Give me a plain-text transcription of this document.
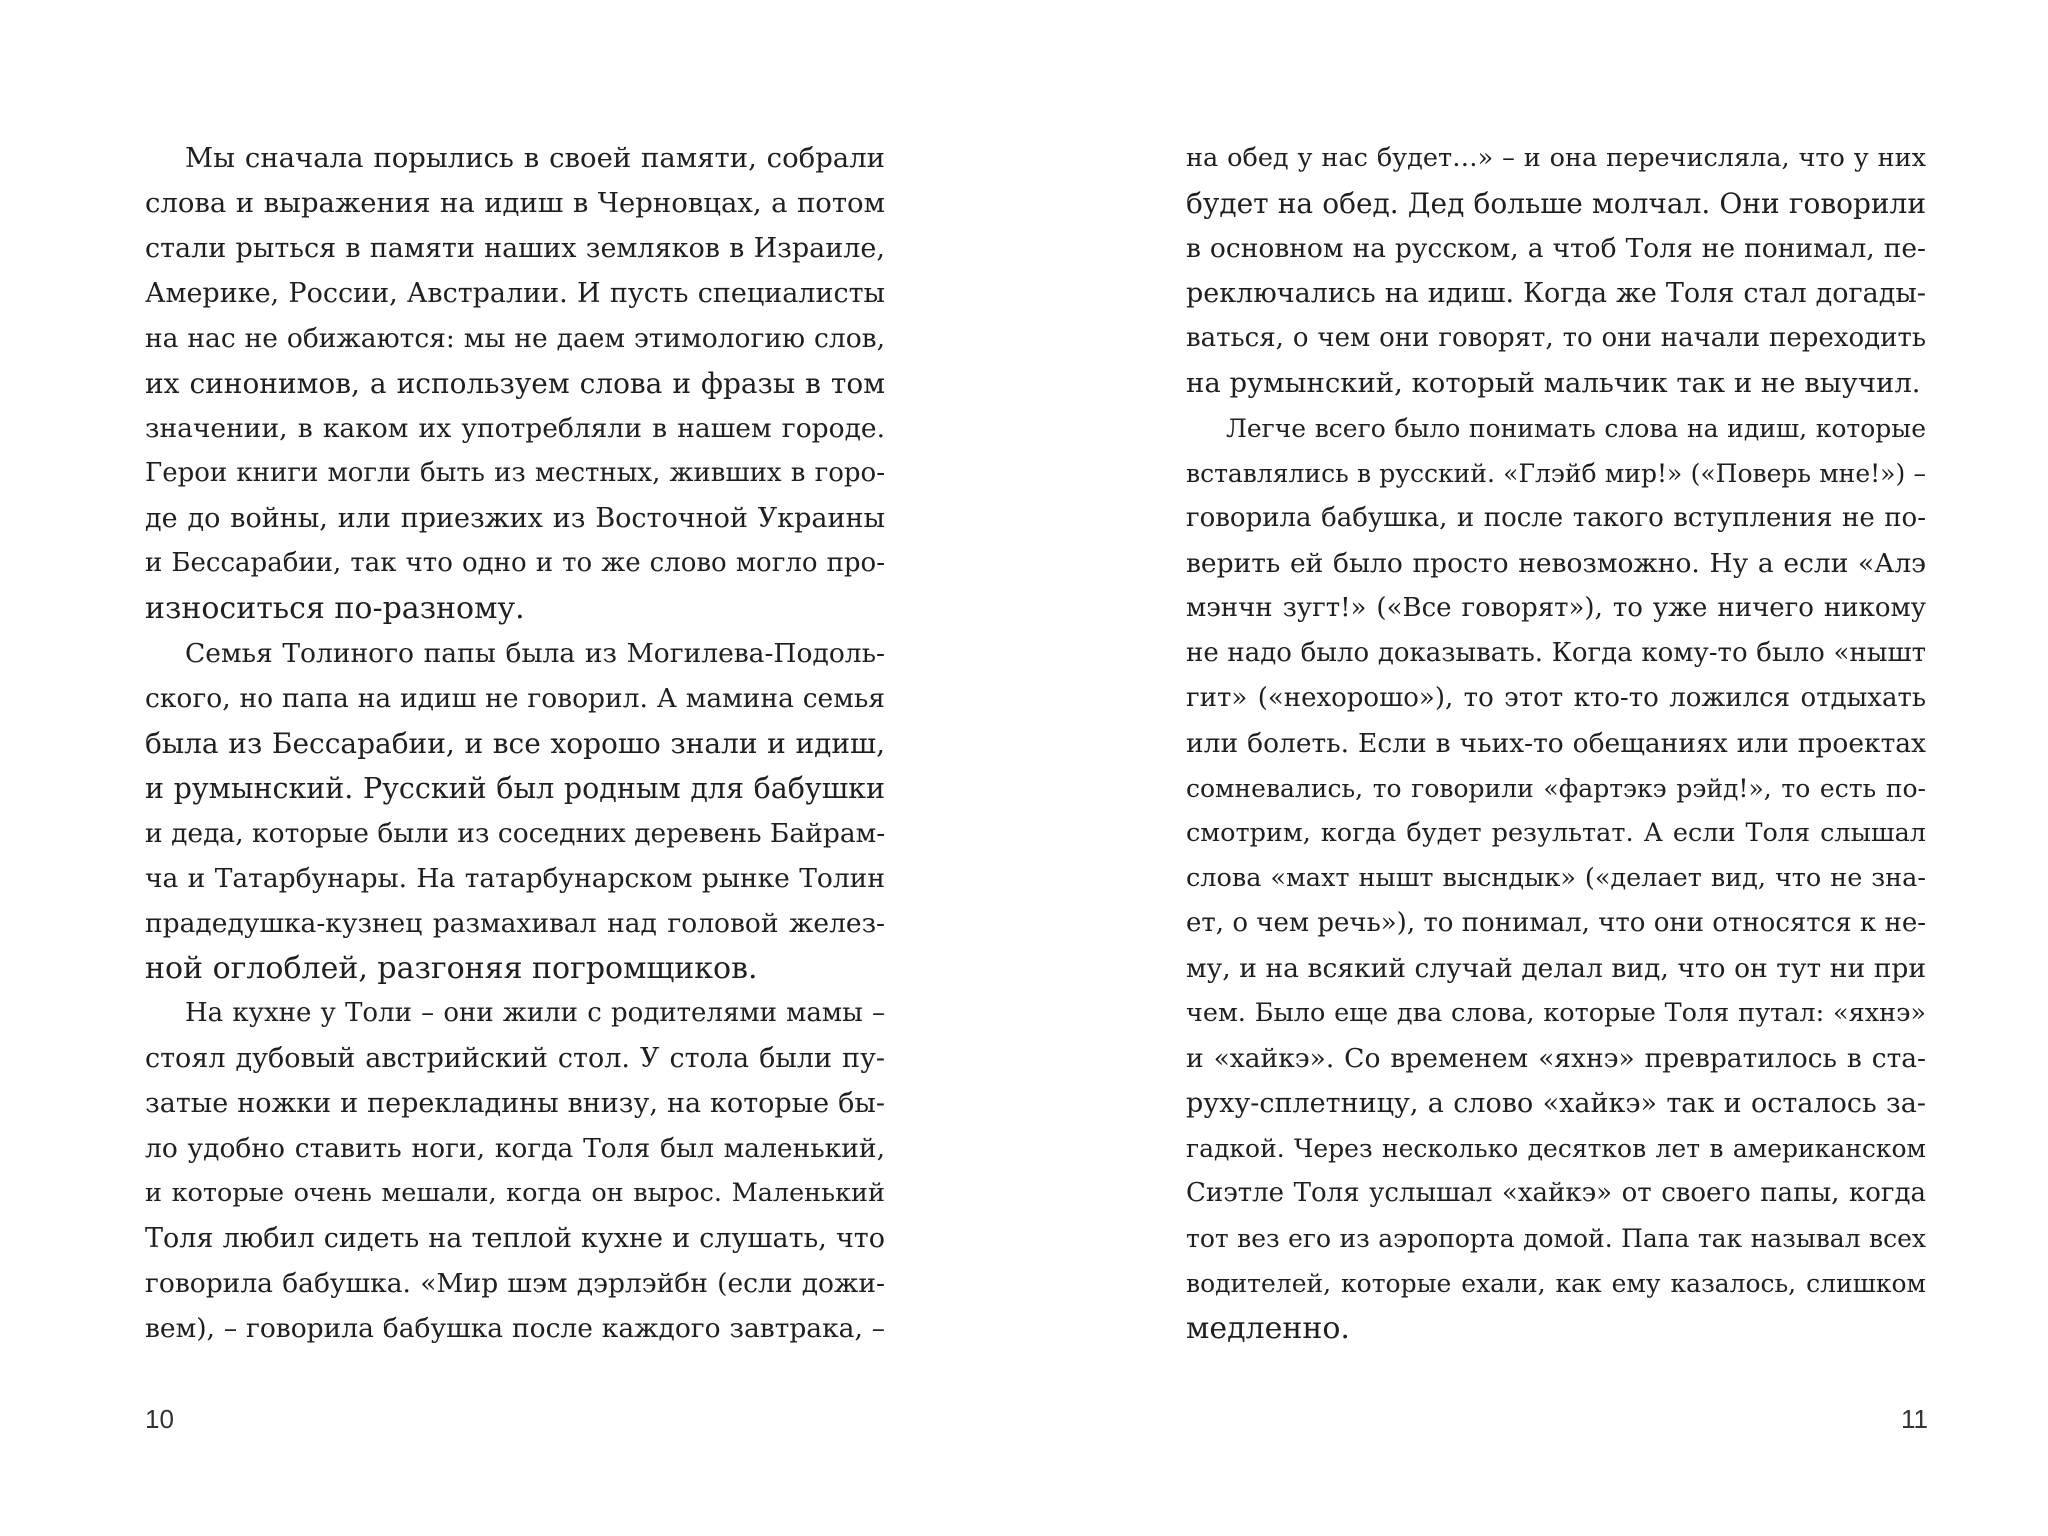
Мы сначала порылись в своей памяти, собрали
слова и выражения на идиш в Черновцах, а потом
стали рыться в памяти наших земляков в Израиле,
Америке, России, Австралии. И пусть специалисты
на нас не обижаются: мы не даем этимологию слов,
их синонимов, а используем слова и фразы в том
значении, в каком их употребляли в нашем городе.
Герои книги могли быть из местных, живших в горо-
де до войны, или приезжих из Восточной Украины
и Бессарабии, так что одно и то же слово могло про-
износиться по-разному.
Семья Толиного папы была из Могилева-Подоль-
ского, но папа на идиш не говорил. А мамина семья
была из Бессарабии, и все хорошо знали и идиш,
и румынский. Русский был родным для бабушки
и деда, которые были из соседних деревень Байрам-
ча и Татарбунары. На татарбунарском рынке Толин
прадедушка-кузнец размахивал над головой желез-
ной оглоблей, разгоняя погромщиков.
На кухне у Толи – они жили с родителями мамы –
стоял дубовый австрийский стол. У стола были пу-
затые ножки и перекладины внизу, на которые бы-
ло удобно ставить ноги, когда Толя был маленький,
и которые очень мешали, когда он вырос. Маленький
Толя любил сидеть на теплой кухне и слушать, что
говорила бабушка. «Мир шэм дэрлэйбн (если дожи-
вем), – говорила бабушка после каждого завтрака, –
10
на обед у нас будет…» – и она перечисляла, что у них
будет на обед. Дед больше молчал. Они говорили
в основном на русском, а чтоб Толя не понимал, пе-
реключались на идиш. Когда же Толя стал догады-
ваться, о чем они говорят, то они начали переходить
на румынский, который мальчик так и не выучил.
Легче всего было понимать слова на идиш, которые
вставлялись в русский. «Глэйб мир!» («Поверь мне!») –
говорила бабушка, и после такого вступления не по-
верить ей было просто невозможно. Ну а если «Алэ
мэнчн зугт!» («Все говорят»), то уже ничего никому
не надо было доказывать. Когда кому-то было «нышт
гит» («нехорошо»), то этот кто-то ложился отдыхать
или болеть. Если в чьих-то обещаниях или проектах
сомневались, то говорили «фартэкэ рэйд!», то есть по-
смотрим, когда будет результат. А если Толя слышал
слова «махт нышт высндык» («делает вид, что не зна-
ет, о чем речь»), то понимал, что они относятся к не-
му, и на всякий случай делал вид, что он тут ни при
чем. Было еще два слова, которые Толя путал: «яхнэ»
и «хайкэ». Со временем «яхнэ» превратилось в ста-
руху-сплетницу, а слово «хайкэ» так и осталось за-
гадкой. Через несколько десятков лет в американском
Сиэтле Толя услышал «хайкэ» от своего папы, когда
тот вез его из аэропорта домой. Папа так называл всех
водителей, которые ехали, как ему казалось, слишком
медленно.
11
